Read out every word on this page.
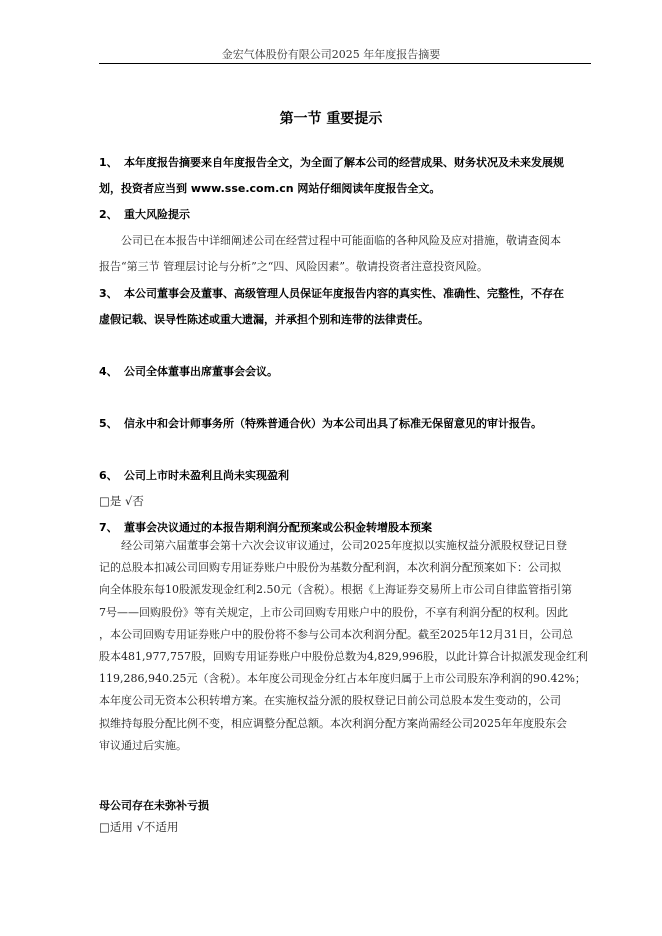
金宏气体股份有限公司2025 年年度报告摘要
第一节 重要提示
1、 本年度报告摘要来自年度报告全文，为全面了解本公司的经营成果、财务状况及未来发展规
划，投资者应当到 www.sse.com.cn 网站仔细阅读年度报告全文。
2、 重大风险提示
公司已在本报告中详细阐述公司在经营过程中可能面临的各种风险及应对措施，敬请查阅本
报告“第三节 管理层讨论与分析”之“四、风险因素”。敬请投资者注意投资风险。
3、 本公司董事会及董事、高级管理人员保证年度报告内容的真实性、准确性、完整性，不存在
虚假记载、误导性陈述或重大遗漏，并承担个别和连带的法律责任。
4、 公司全体董事出席董事会会议。
5、 信永中和会计师事务所（特殊普通合伙）为本公司出具了标准无保留意见的审计报告。
6、 公司上市时未盈利且尚未实现盈利
□是 √否
7、 董事会决议通过的本报告期利润分配预案或公积金转增股本预案
经公司第六届董事会第十六次会议审议通过，公司2025年度拟以实施权益分派股权登记日登
记的总股本扣减公司回购专用证券账户中股份为基数分配利润，本次利润分配预案如下：公司拟
向全体股东每10股派发现金红利2.50元（含税）。根据《上海证券交易所上市公司自律监管指引第
7号——回购股份》等有关规定，上市公司回购专用账户中的股份，不享有利润分配的权利。因此
，本公司回购专用证券账户中的股份将不参与公司本次利润分配。截至2025年12月31日，公司总
股本481,977,757股，回购专用证券账户中股份总数为4,829,996股，以此计算合计拟派发现金红利
119,286,940.25元（含税）。本年度公司现金分红占本年度归属于上市公司股东净利润的90.42%；
本年度公司无资本公积转增方案。在实施权益分派的股权登记日前公司总股本发生变动的，公司
拟维持每股分配比例不变，相应调整分配总额。本次利润分配方案尚需经公司2025年年度股东会
审议通过后实施。
母公司存在未弥补亏损
□适用 √不适用
